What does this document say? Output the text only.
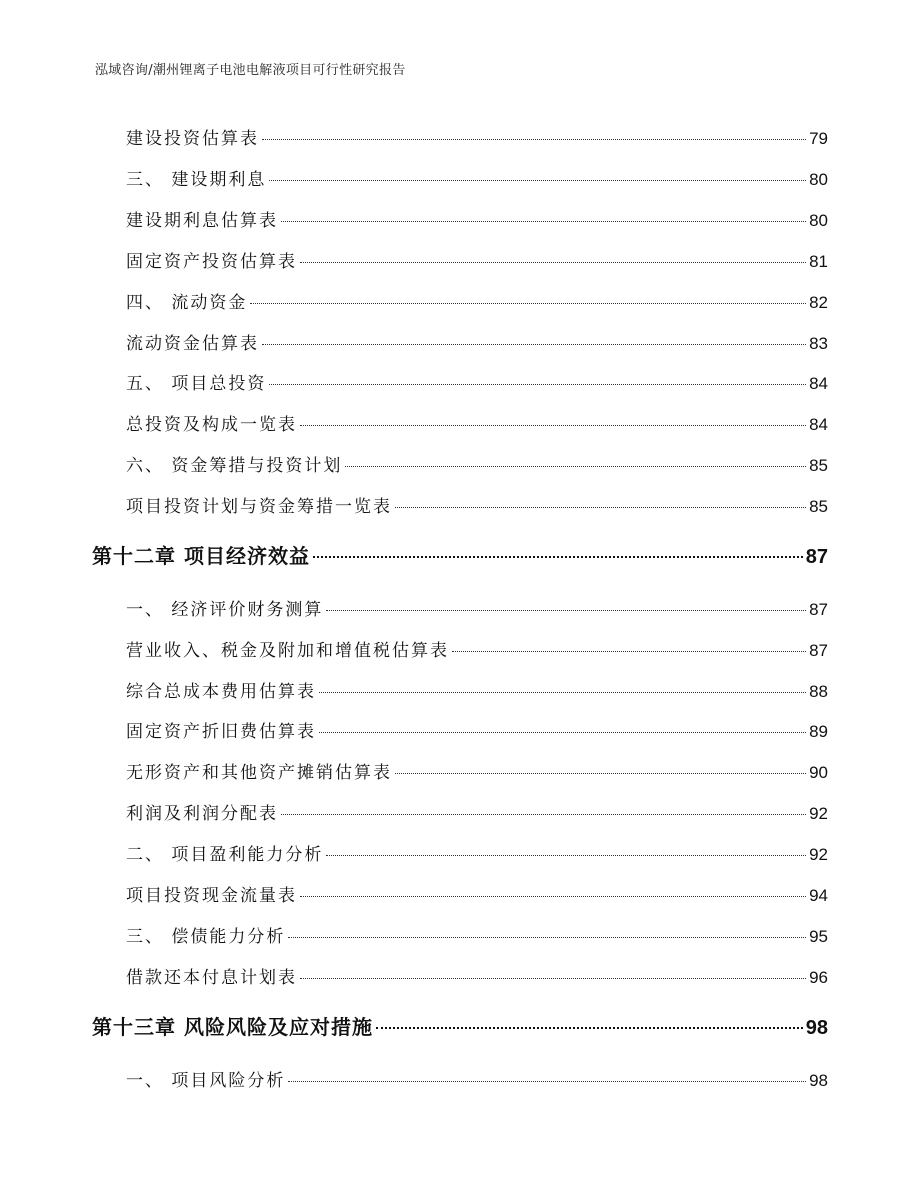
泓域咨询/潮州锂离子电池电解液项目可行性研究报告
建设投资估算表	79
三、 建设期利息	80
建设期利息估算表	80
固定资产投资估算表	81
四、 流动资金	82
流动资金估算表	83
五、 项目总投资	84
总投资及构成一览表	84
六、 资金筹措与投资计划	85
项目投资计划与资金筹措一览表	85
第十二章 项目经济效益	87
一、 经济评价财务测算	87
营业收入、税金及附加和增值税估算表	87
综合总成本费用估算表	88
固定资产折旧费估算表	89
无形资产和其他资产摊销估算表	90
利润及利润分配表	92
二、 项目盈利能力分析	92
项目投资现金流量表	94
三、 偿债能力分析	95
借款还本付息计划表	96
第十三章 风险风险及应对措施	98
一、 项目风险分析	98
